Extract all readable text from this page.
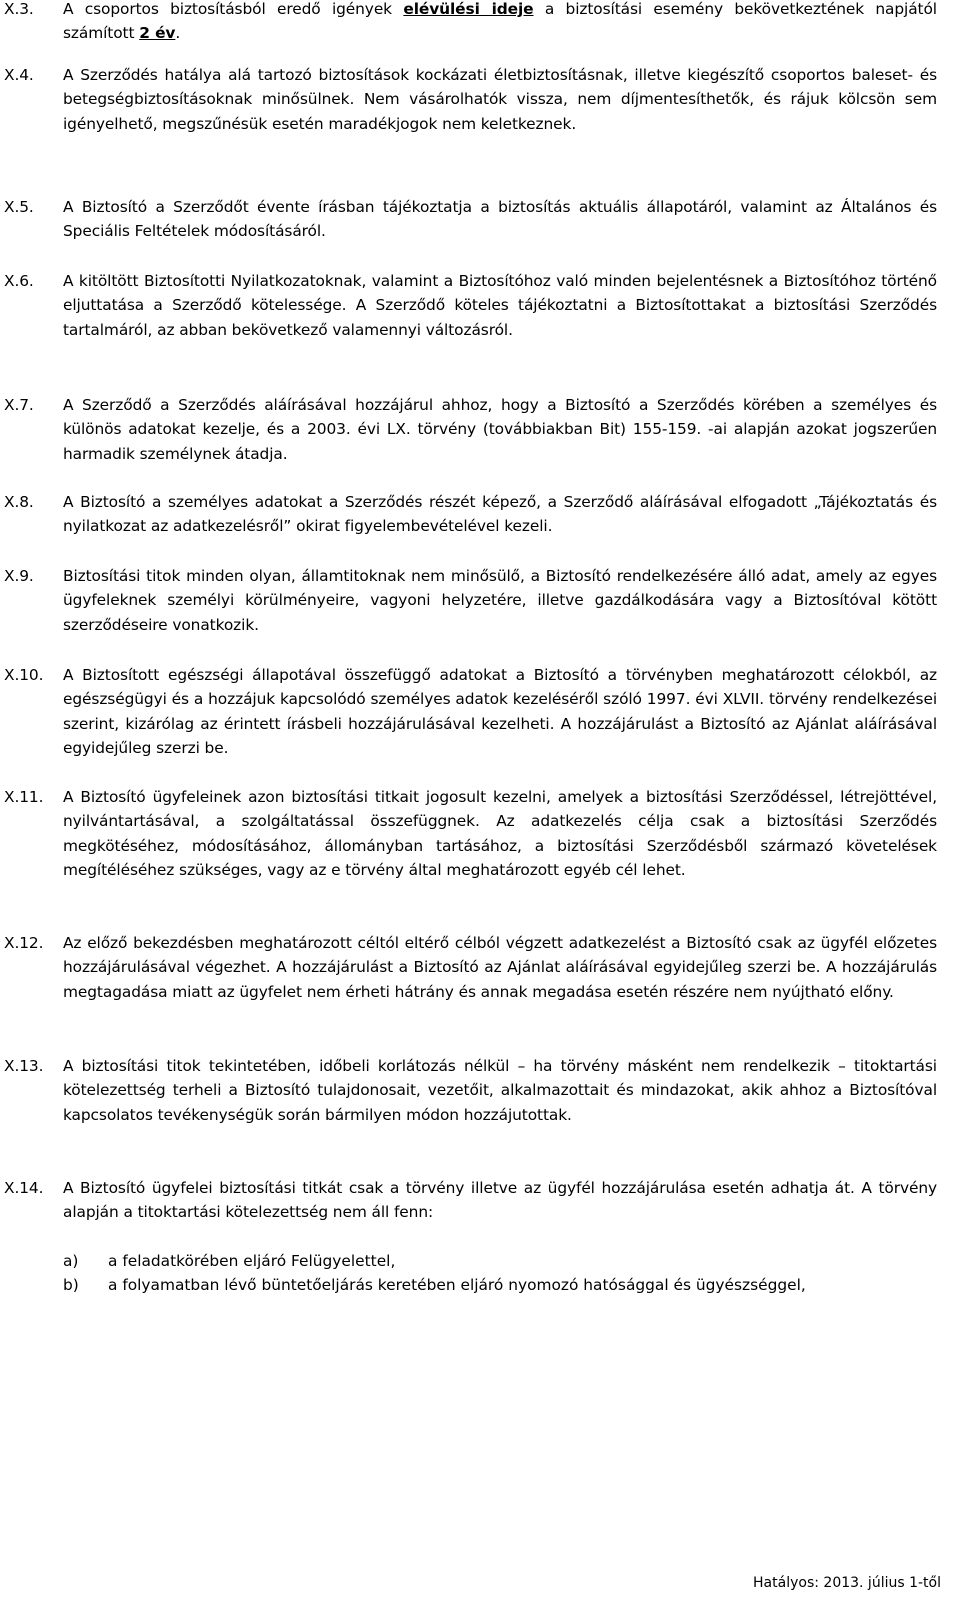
X.3.	A csoportos biztosításból eredő igények elévülési ideje a biztosítási esemény bekövetkeztének napjától számított 2 év.
X.4.	A Szerződés hatálya alá tartozó biztosítások kockázati életbiztosításnak, illetve kiegészítő csoportos baleset- és betegségbiztosításoknak minősülnek. Nem vásárolhatók vissza, nem díjmentesíthetők, és rájuk kölcsön sem igényelhető, megszűnésük esetén maradékjogok nem keletkeznek.
X.5.	A Biztosító a Szerződőt évente írásban tájékoztatja a biztosítás aktuális állapotáról, valamint az Általános és Speciális Feltételek módosításáról.
X.6.	A kitöltött Biztosítotti Nyilatkozatoknak, valamint a Biztosítóhoz való minden bejelentésnek a Biztosítóhoz történő eljuttatása a Szerződő kötelessége. A Szerződő köteles tájékoztatni a Biztosítottakat a biztosítási Szerződés tartalmáról, az abban bekövetkező valamennyi változásról.
X.7.	A Szerződő a Szerződés aláírásával hozzájárul ahhoz, hogy a Biztosító a Szerződés körében a személyes és különös adatokat kezelje, és a 2003. évi LX. törvény (továbbiakban Bit) 155-159. -ai alapján azokat jogszerűen harmadik személynek átadja.
X.8.	A Biztosító a személyes adatokat a Szerződés részét képező, a Szerződő aláírásával elfogadott „Tájékoztatás és nyilatkozat az adatkezelésről” okirat figyelembevételével kezeli.
X.9.	Biztosítási titok minden olyan, államtitoknak nem minősülő, a Biztosító rendelkezésére álló adat, amely az egyes ügyfeleknek személyi körülményeire, vagyoni helyzetére, illetve gazdálkodására vagy a Biztosítóval kötött szerződéseire vonatkozik.
X.10.	A Biztosított egészségi állapotával összefüggő adatokat a Biztosító a törvényben meghatározott célokból, az egészségügyi és a hozzájuk kapcsolódó személyes adatok kezeléséről szóló 1997. évi XLVII. törvény rendelkezései szerint, kizárólag az érintett írásbeli hozzájárulásával kezelheti. A hozzájárulást a Biztosító az Ajánlat aláírásával egyidejűleg szerzi be.
X.11.	A Biztosító ügyfeleinek azon biztosítási titkait jogosult kezelni, amelyek a biztosítási Szerződéssel, létrejöttével, nyilvántartásával, a szolgáltatással összefüggnek. Az adatkezelés célja csak a biztosítási Szerződés megkötéséhez, módosításához, állományban tartásához, a biztosítási Szerződésből származó követelések megítéléséhez szükséges, vagy az e törvény által meghatározott egyéb cél lehet.
X.12.	Az előző bekezdésben meghatározott céltól eltérő célból végzett adatkezelést a Biztosító csak az ügyfél előzetes hozzájárulásával végezhet. A hozzájárulást a Biztosító az Ajánlat aláírásával egyidejűleg szerzi be. A hozzájárulás megtagadása miatt az ügyfelet nem érheti hátrány és annak megadása esetén részére nem nyújtható előny.
X.13.	A biztosítási titok tekintetében, időbeli korlátozás nélkül – ha törvény másként nem rendelkezik – titoktartási kötelezettség terheli a Biztosító tulajdonosait, vezetőit, alkalmazottait és mindazokat, akik ahhoz a Biztosítóval kapcsolatos tevékenységük során bármilyen módon hozzájutottak.
X.14.	A Biztosító ügyfelei biztosítási titkát csak a törvény illetve az ügyfél hozzájárulása esetén adhatja át. A törvény alapján a titoktartási kötelezettség nem áll fenn:
a) a feladatkörében eljáró Felügyelettel,
b) a folyamatban lévő büntetőeljárás keretében eljáró nyomozó hatósággal és ügyészséggel,
Hatályos: 2013. július 1-től
